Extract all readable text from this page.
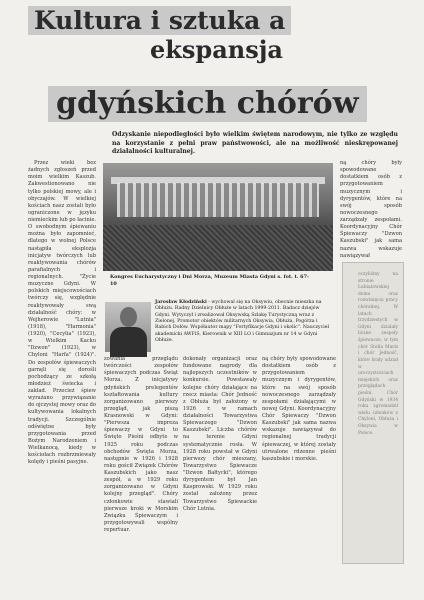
Kultura i sztuka a
ekspansja
gdyńskich chórów

Odzyskanie niepodległości było wielkim świętem narodowym, nie tylko ze względu na korzystanie z pełni praw państwowości, ale na możliwość nieskrępowanej działalności kulturalnej.

Przez wieki bez żadnych zgłoszeń przed moim wielkim Kaszub. Zakwestionowano nie tylko polskiej mowy, ale i obyczajów. W wielkiej kościach nasz zostali było ograniczone w języku niemieckim lub po łacinie. O swobodnym śpiewaniu można było zapomnieć, dlatego w wolnej Polsce nastąpiła eksplozja inicjatyw twórczych lub reaktywowania chórów parafialnych i regionalnych. "Życie muzyczne Gdyni. W polskich miejscowościach twórczy się, względnie reaktywowały swą działalność chóry: w Wejherowie "Lutnia" (1918), "Harmonia" (1920), "Cecylia" (1923), w Wielkim Kacku "Dzwon" (1923), w Chyloni "Harfa" (1924)". Do zespołów śpiewaczych garnęli się dorośli pochodzący ze szkołą młodzież świecka i zakład. Przecież śpiew wyrażano przywiązanie do ojczystej mowy oraz do kultywowania lokalnych tradycji. Szczególnie odświętne były przygotowania przed Bożym Narodzeniem i Wielkanocą, kiedy w kościołach rozbrzmiewały kolędy i pieśni pasyjne.

Kongres Eucharystyczny i Dni Morza, Muzeum Miasta Gdyni s. fot. t. 67-10

Jarosław Kłodziński - wychowal się na Oksywiu, obecnie mieszka na Obłużu. Radny Dzielnicy Obłuże w latach 1999-2011. Badacz dziejów Gdyni. Wytyczył i zrealizował Oksywską Szlakę Turystyczną wraz z Zielonej. Promotor obiektów militarnych Oksywia, Obłuża, Pogórza i Babich Dołów. Współautor mapy "Fortyfikacje Gdyni i okolic". Nauczyciel akademicki AWFiS, Kierownik w XIII LO i Gimnazjum nr 14 w Gdyni Obłuże.

zowania przeglądu twórczości zespołów śpiewaczych podczas Świąt Morza. Z inicjatywy gdyńskich prelegentów kształtowania kultury zorganizowano pierwszy przegląd, jak piszą Krasnowski w Gdyni: "Pierwsza impreza śpiewaczy w Gdyni to Święto Pieśni odbyte w 1925 roku podczas obchodów Święta Morza, następnie w 1926 i 1928 roku gościł Związek Chórów Kaszubskich jako nasz zespół, a w 1929 roku zorganizowano w Gdyni kolejny przegląd". Chóry członkowie stawiali pierwsze kroki w Morskim Związku Śpiewaczym i przygotowywali wspólny repertuar.

dokonały organizacji oraz fundowane nagrody dla najlepszych uczestników w konkursie. Powstawały kolejne chóry działające na rzecz miasta: Chór Jedność z Obłuża był założony w 1926 r. w ramach działalności Towarzystwa Śpiewaczego "Dzwon Kaszubski". Liczba chórów na terenie Gdyni systematycznie rosła. W 1928 roku powstał w Gdyni pierwszy chór mieszany, Towarzystwo Śpiewacze "Dzwon Bałtycki", którego dyrygentem był Jan Kasprowski. W 1929 roku został założony przez Towarzystwo Śpiewackie Chór Lutnia.

ną chóry były spowodowane dostatkiem osób z przygotowaniem muzycznym i dyrygentów, które na swój sposób nowoczesnego zarządzały zespołami działającymi w nowej Gdyni. Koordynacyjny Chór Śpiewaczy "Dzwon Kaszubski" jak sama nazwa wskazuje nawiązywał do regionalnej tradycji śpiewaczej, w której zostały utrwalone rdzenne pieśni kaszubskie i morskie.

ną chóry były spowodowane dostatkiem osób z przygotowaniem muzycznym i dyrygentów, które na swój sposób nowoczesnego zarządzały zespołami. Koordynacyjny Chór Śpiewaczy "Dzwon Kaszubski" jak sama nazwa wskazuje nawiązywał

oczyliśmy na stronie Lubiatowskiej domu oraz rozwinięciu pracy chóralnej. W latach trzydziestych w Gdyni działały liczne zespoły śpiewacze, w tym chór Stella Maris i chór Jedność, które brały udział w uroczystościach miejskich oraz przeglądach pieśni. Chór Gdyński w 1934 roku zgromadził wielu członków z Chyloni, Obłuża i Oksywia w Polsce.
